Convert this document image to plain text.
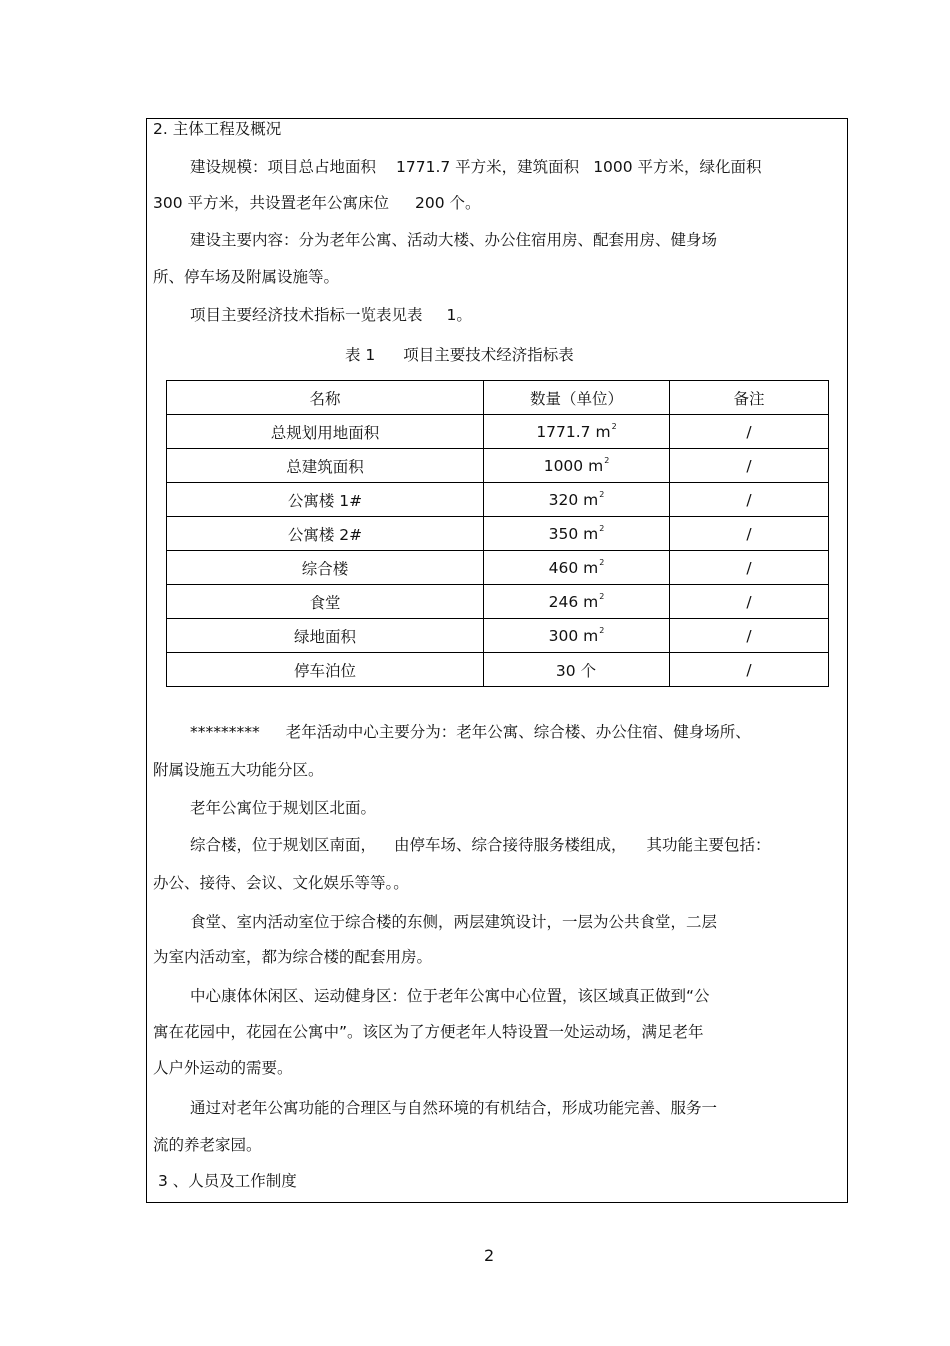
2. 主体工程及概况
建设规模：项目总占地面积 1771.7 平方米，建筑面积 1000 平方米，绿化面积
300 平方米，共设置老年公寓床位 200 个。
建设主要内容：分为老年公寓、活动大楼、办公住宿用房、配套用房、健身场
所、停车场及附属设施等。
项目主要经济技术指标一览表见表 1。
表 1 项目主要技术经济指标表
名称	数量（单位）	备注
总规划用地面积	1771.7 $m^2$	/
总建筑面积	1000 $m^2$	/
公寓楼 1#	320 $m^2$	/
公寓楼 2#	350 $m^2$	/
综合楼	460 $m^2$	/
食堂	246 $m^2$	/
绿地面积	300 $m^2$	/
停车泊位	30 个	/
********* 老年活动中心主要分为：老年公寓、综合楼、办公住宿、健身场所、
附属设施五大功能分区。
老年公寓位于规划区北面。
综合楼，位于规划区南面， 由停车场、综合接待服务楼组成， 其功能主要包括：
办公、接待、会议、文化娱乐等等。。
食堂、室内活动室位于综合楼的东侧，两层建筑设计，一层为公共食堂，二层
为室内活动室，都为综合楼的配套用房。
中心康体休闲区、运动健身区：位于老年公寓中心位置，该区域真正做到“公
寓在花园中，花园在公寓中”。该区为了方便老年人特设置一处运动场，满足老年
人户外运动的需要。
通过对老年公寓功能的合理区与自然环境的有机结合，形成功能完善、服务一
流的养老家园。
3 、人员及工作制度
2
